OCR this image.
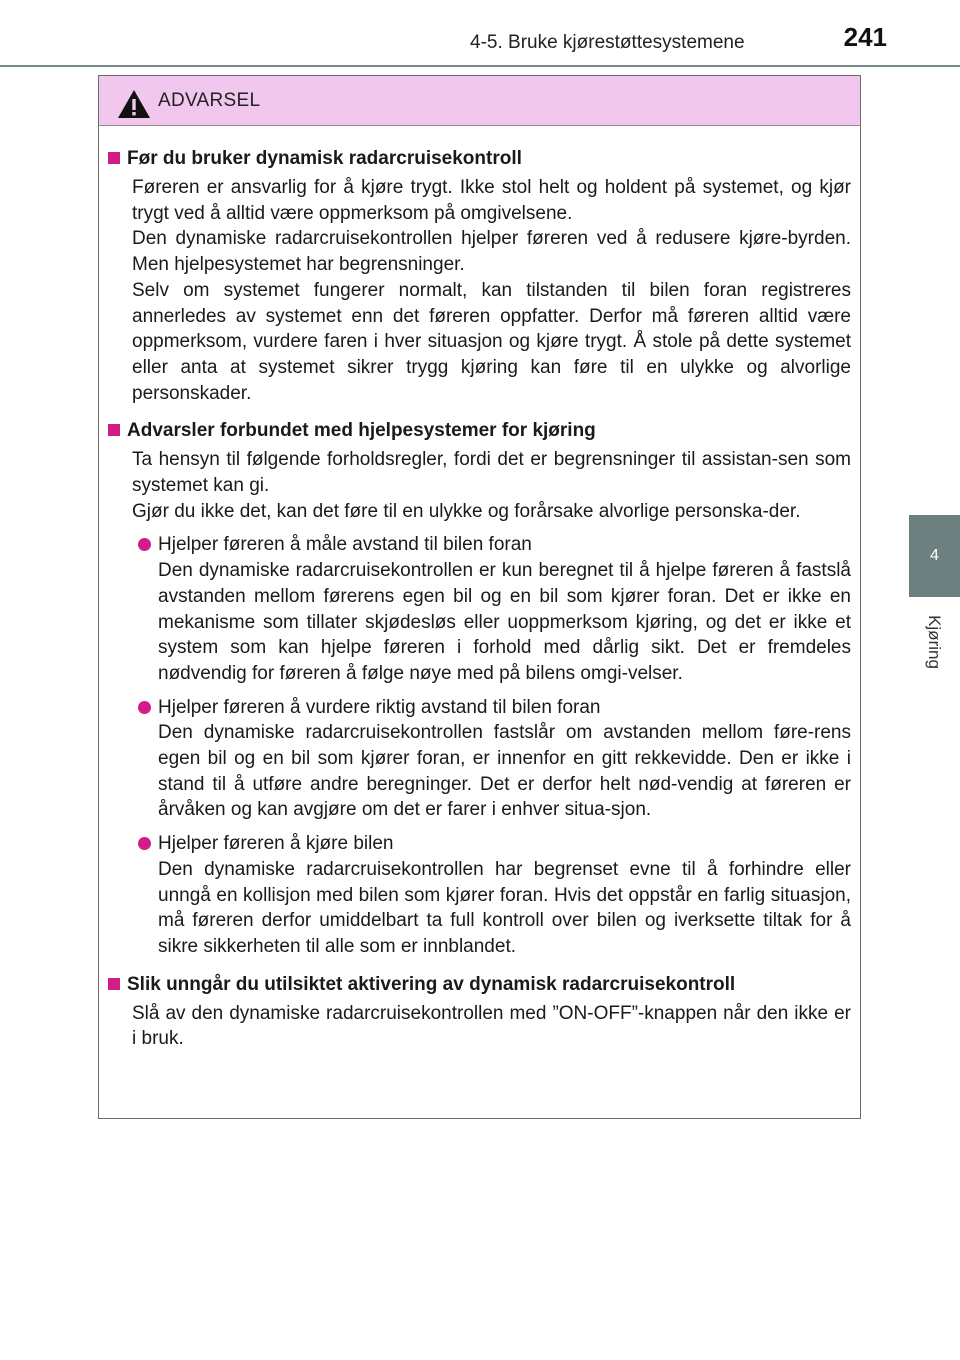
4-5. Bruke kjørestøttesystemene	241
4
Kjøring
ADVARSEL
Før du bruker dynamisk radarcruisekontroll

Føreren er ansvarlig for å kjøre trygt. Ikke stol helt og holdent på systemet, og kjør trygt ved å alltid være oppmerksom på omgivelsene.

Den dynamiske radarcruisekontrollen hjelper føreren ved å redusere kjøre-byrden. Men hjelpesystemet har begrensninger.

Selv om systemet fungerer normalt, kan tilstanden til bilen foran registreres annerledes av systemet enn det føreren oppfatter. Derfor må føreren alltid være oppmerksom, vurdere faren i hver situasjon og kjøre trygt. Å stole på dette systemet eller anta at systemet sikrer trygg kjøring kan føre til en ulykke og alvorlige personskader.

Advarsler forbundet med hjelpesystemer for kjøring

Ta hensyn til følgende forholdsregler, fordi det er begrensninger til assistan-sen som systemet kan gi.

Gjør du ikke det, kan det føre til en ulykke og forårsake alvorlige personska-der.

Hjelper føreren å måle avstand til bilen foran

Den dynamiske radarcruisekontrollen er kun beregnet til å hjelpe føreren å fastslå avstanden mellom førerens egen bil og en bil som kjører foran. Det er ikke en mekanisme som tillater skjødesløs eller uoppmerksom kjøring, og det er ikke et system som kan hjelpe føreren i forhold med dårlig sikt. Det er fremdeles nødvendig for føreren å følge nøye med på bilens omgi-velser.

Hjelper føreren å vurdere riktig avstand til bilen foran

Den dynamiske radarcruisekontrollen fastslår om avstanden mellom føre-rens egen bil og en bil som kjører foran, er innenfor en gitt rekkevidde. Den er ikke i stand til å utføre andre beregninger. Det er derfor helt nød-vendig at føreren er årvåken og kan avgjøre om det er farer i enhver situa-sjon.

Hjelper føreren å kjøre bilen

Den dynamiske radarcruisekontrollen har begrenset evne til å forhindre eller unngå en kollisjon med bilen som kjører foran. Hvis det oppstår en farlig situasjon, må føreren derfor umiddelbart ta full kontroll over bilen og iverksette tiltak for å sikre sikkerheten til alle som er innblandet.

Slik unngår du utilsiktet aktivering av dynamisk radarcruisekontroll

Slå av den dynamiske radarcruisekontrollen med ”ON-OFF”-knappen når den ikke er i bruk.
